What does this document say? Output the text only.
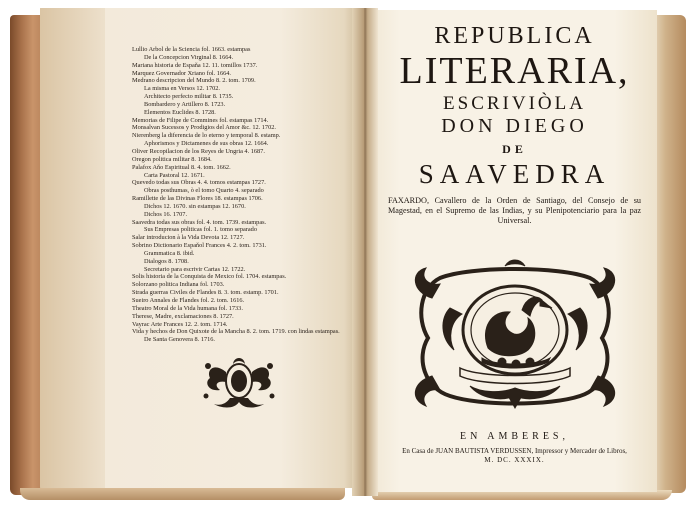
Lullio Arbol de la Sciencia fol. 1663. estampas
De la Concepcion Virginal 8. 1664.
Mariana historia de Espaňa 12. 11. tomillos 1737.
Marquez Governador Xriano fol. 1664.
Medrano descripcion del Mundo 8. 2. tom. 1709.
La misma en Versos 12. 1702.
Architecto perfecto militar 8. 1735.
Bombardero y Artillero 8. 1723.
Elementos Euclides 8. 1728.
Memorias de Filipe de Commines fol. estampas 1714.
Monsalvan Sucessos y Prodigios del Amor &c. 12. 1702.
Nierenberg la diferencia de lo eterno y temporal 8. estamp.
Aphorismos y Dictamenes de sus obras 12. 1664.
Oliver Recopilacion de los Reyes de Ungria 4. 1687.
Oregon politica militar 8. 1684.
Palafox Aňo Espiritual 8. 4. tom. 1662.
Carta Pastoral 12. 1671.
Quevedo todas sus Obras 4. 4. tomos estampas 1727.
Obras posthumas, ò el tomo Quarto 4. separado
Ramillette de las Divinas Flores 18. estampas 1706.
Dichos 12. 1670. sin estampas 12. 1670.
Dichos 16. 1707.
Saavedra todas sus obras fol. 4. tom. 1739. estampas.
Sus Empresas politicas fol. 1. tomo separado
Salar introducion à la Vida Devota 12. 1727.
Sobrino Dictionario Espaňol Frances 4. 2. tom. 1731.
Grammatica 8. ibid.
Dialogos 8. 1708.
Secretario para escrivir Cartas 12. 1722.
Solis historia de la Conquista de Mexico fol. 1704. estampas.
Solorzano politica Indiana fol. 1703.
Strada guerras Civiles de Flandes 8. 3. tom. estamp. 1701.
Sueiro Annales de Flandes fol. 2. tom. 1616.
Theatro Moral de la Vida humana fol. 1733.
Therese, Madre, exclamaciones 8. 1727.
Vayrac Arte Frances 12. 2. tom. 1714.
Vida y hechos de Don Quixote de la Mancha 8. 2. tom. 1719. con lindas estampas.
De Santa Genovera 8. 1716.
REPUBLICA
LITERARIA,
ESCRIVIÒLA
DON DIEGO
DE
SAAVEDRA
FAXARDO, Cavallero de la Orden de Santiago, del Consejo de su Magestad, en el Supremo de las Indias, y su Plenipotenciario para la paz Universal.
EN AMBERES,
En Casa de JUAN BAUTISTA VERDUSSEN, Impressor y Mercader de Libros,
M. DC. XXXIX.
